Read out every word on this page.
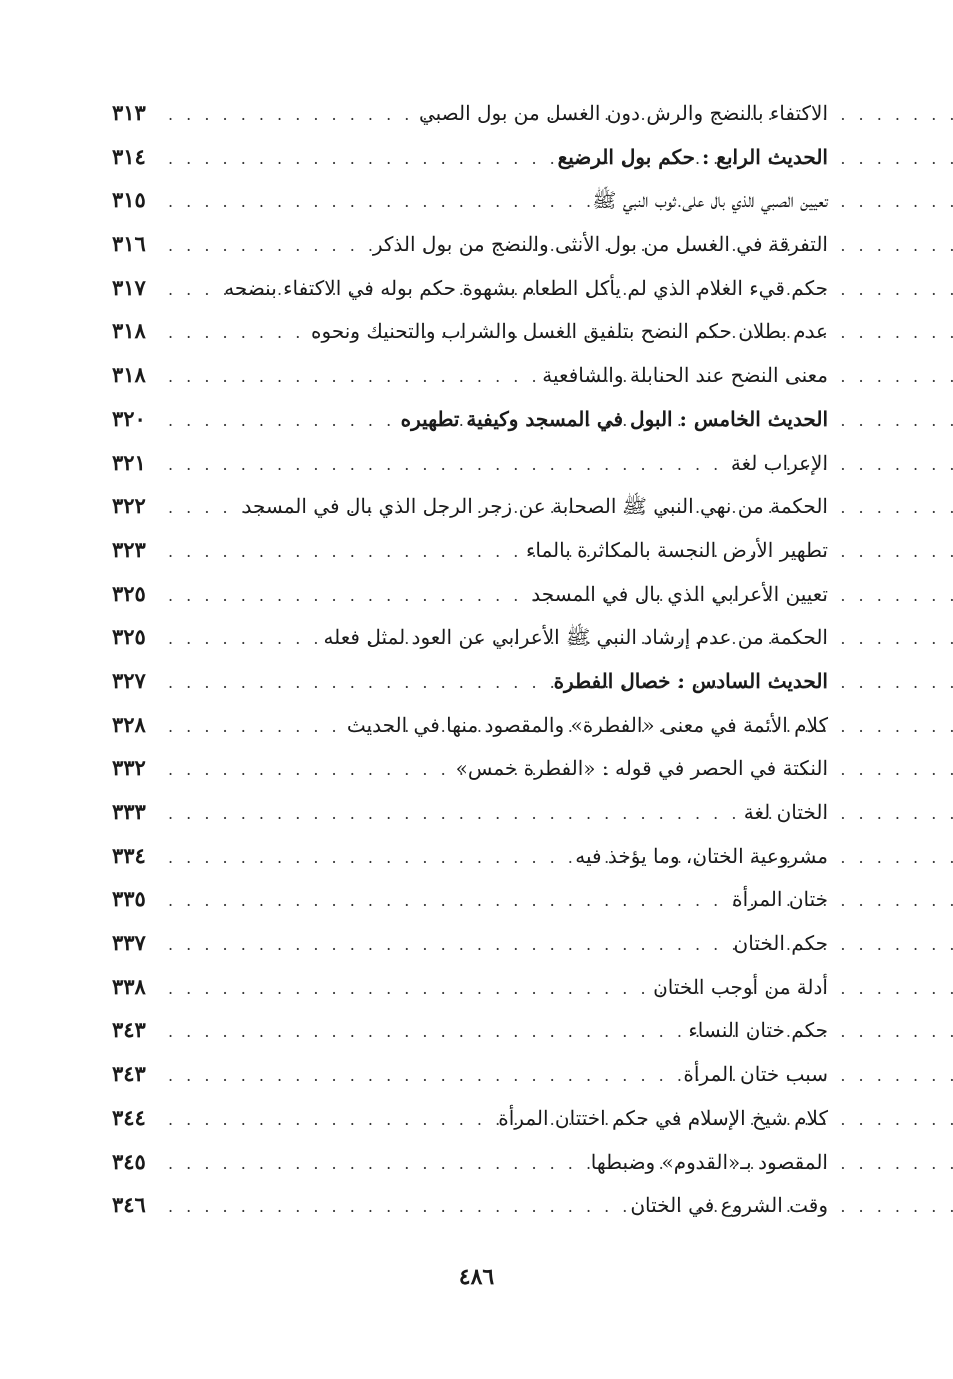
الاكتفاء بالنضح والرش دون الغسل من بول الصبي
. . .
٣١٣
الحديث الرابع : حكم بول الرضيع
. . .
٣١٤
تعيين الصبي الذي بال على ثوب النبي ﷺ
. . .
٣١٥
التفرقة في الغسل من بول الأنثى والنضح من بول الذكر
. . .
٣١٦
حكم قيء الغلام الذي لم يأكل الطعام بشهوة حكم بوله في الاكتفاء بنضحه
. . .
٣١٧
عدم بطلان حكم النضح بتلفيق الغسل والشراب والتحنيك ونحوه
. . .
٣١٨
معنى النضح عند الحنابلة والشافعية
. . .
٣١٨
الحديث الخامس : البول في المسجد وكيفية تطهيره
. . .
٣٢٠
الإعراب لغة
. . .
٣٢١
الحكمة من نهي النبي ﷺ الصحابة عن زجر الرجل الذي بال في المسجد
. . .
٣٢٢
تطهير الأرض النجسة بالمكاثرة بالماء
. . .
٣٢٣
تعيين الأعرابي الذي بال في المسجد
. . .
٣٢٥
الحكمة من عدم إرشاد النبي ﷺ الأعرابي عن العود لمثل فعله
. . .
٣٢٥
الحديث السادس : خصال الفطرة
. . .
٣٢٧
كلام الأئمة في معنى «الفطرة» والمقصود منها في الحديث
. . .
٣٢٨
النكتة في الحصر في قوله : «الفطرة خمس»
. . .
٣٣٢
الختان لغة
. . .
٣٣٣
مشروعية الختان، وما يؤخذ فيه
. . .
٣٣٤
ختان المرأة
. . .
٣٣٥
حكم الختان
. . .
٣٣٧
أدلة من أوجب الختان
. . .
٣٣٨
حكم ختان النساء
. . .
٣٤٣
سبب ختان المرأة
. . .
٣٤٣
كلام شيخ الإسلام في حكم اختتان المرأة
. . .
٣٤٤
المقصود بـ«القدوم» وضبطها
. . .
٣٤٥
وقت الشروع في الختان
. . .
٣٤٦
٤٨٦
